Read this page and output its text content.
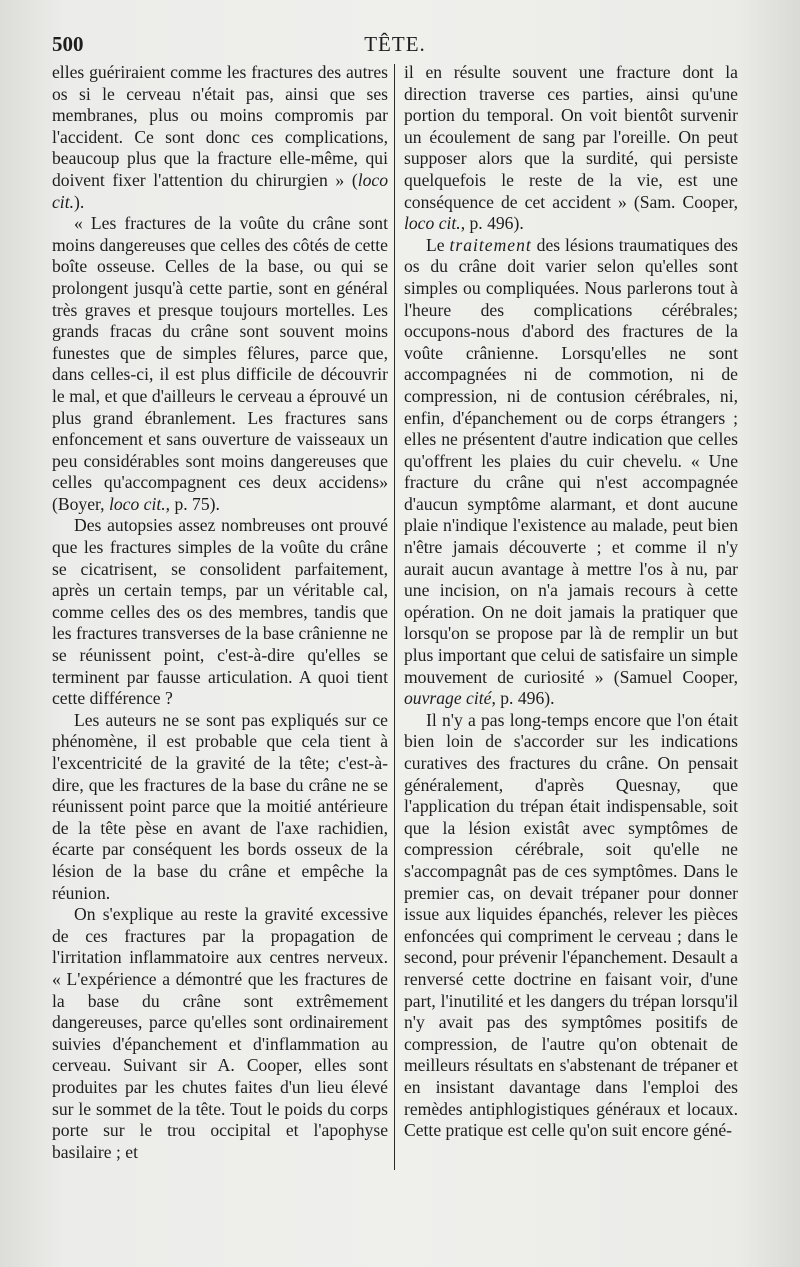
500	TÊTE.

elles guériraient comme les fractures des autres os si le cerveau n'était pas, ainsi que ses membranes, plus ou moins compromis par l'accident. Ce sont donc ces complications, beaucoup plus que la fracture elle-même, qui doivent fixer l'attention du chirurgien » (loco cit.).

« Les fractures de la voûte du crâne sont moins dangereuses que celles des côtés de cette boîte osseuse. Celles de la base, ou qui se prolongent jusqu'à cette partie, sont en général très graves et presque toujours mortelles. Les grands fracas du crâne sont souvent moins funestes que de simples fêlures, parce que, dans celles-ci, il est plus difficile de découvrir le mal, et que d'ailleurs le cerveau a éprouvé un plus grand ébranlement. Les fractures sans enfoncement et sans ouverture de vaisseaux un peu considérables sont moins dangereuses que celles qu'accompagnent ces deux accidens» (Boyer, loco cit., p. 75).

Des autopsies assez nombreuses ont prouvé que les fractures simples de la voûte du crâne se cicatrisent, se consolident parfaitement, après un certain temps, par un véritable cal, comme celles des os des membres, tandis que les fractures transverses de la base crânienne ne se réunissent point, c'est-à-dire qu'elles se terminent par fausse articulation. A quoi tient cette différence ?

Les auteurs ne se sont pas expliqués sur ce phénomène, il est probable que cela tient à l'excentricité de la gravité de la tête; c'est-à-dire, que les fractures de la base du crâne ne se réunissent point parce que la moitié antérieure de la tête pèse en avant de l'axe rachidien, écarte par conséquent les bords osseux de la lésion de la base du crâne et empêche la réunion.

On s'explique au reste la gravité excessive de ces fractures par la propagation de l'irritation inflammatoire aux centres nerveux. « L'expérience a démontré que les fractures de la base du crâne sont extrêmement dangereuses, parce qu'elles sont ordinairement suivies d'épanchement et d'inflammation au cerveau. Suivant sir A. Cooper, elles sont produites par les chutes faites d'un lieu élevé sur le sommet de la tête. Tout le poids du corps porte sur le trou occipital et l'apophyse basilaire ; et

il en résulte souvent une fracture dont la direction traverse ces parties, ainsi qu'une portion du temporal. On voit bientôt survenir un écoulement de sang par l'oreille. On peut supposer alors que la surdité, qui persiste quelquefois le reste de la vie, est une conséquence de cet accident » (Sam. Cooper, loco cit., p. 496).

Le traitement des lésions traumatiques des os du crâne doit varier selon qu'elles sont simples ou compliquées. Nous parlerons tout à l'heure des complications cérébrales; occupons-nous d'abord des fractures de la voûte crânienne. Lorsqu'elles ne sont accompagnées ni de commotion, ni de compression, ni de contusion cérébrales, ni, enfin, d'épanchement ou de corps étrangers ; elles ne présentent d'autre indication que celles qu'offrent les plaies du cuir chevelu. « Une fracture du crâne qui n'est accompagnée d'aucun symptôme alarmant, et dont aucune plaie n'indique l'existence au malade, peut bien n'être jamais découverte ; et comme il n'y aurait aucun avantage à mettre l'os à nu, par une incision, on n'a jamais recours à cette opération. On ne doit jamais la pratiquer que lorsqu'on se propose par là de remplir un but plus important que celui de satisfaire un simple mouvement de curiosité » (Samuel Cooper, ouvrage cité, p. 496).

Il n'y a pas long-temps encore que l'on était bien loin de s'accorder sur les indications curatives des fractures du crâne. On pensait généralement, d'après Quesnay, que l'application du trépan était indispensable, soit que la lésion existât avec symptômes de compression cérébrale, soit qu'elle ne s'accompagnât pas de ces symptômes. Dans le premier cas, on devait trépaner pour donner issue aux liquides épanchés, relever les pièces enfoncées qui compriment le cerveau ; dans le second, pour prévenir l'épanchement. Desault a renversé cette doctrine en faisant voir, d'une part, l'inutilité et les dangers du trépan lorsqu'il n'y avait pas des symptômes positifs de compression, de l'autre qu'on obtenait de meilleurs résultats en s'abstenant de trépaner et en insistant davantage dans l'emploi des remèdes antiphlogistiques généraux et locaux. Cette pratique est celle qu'on suit encore géné-
